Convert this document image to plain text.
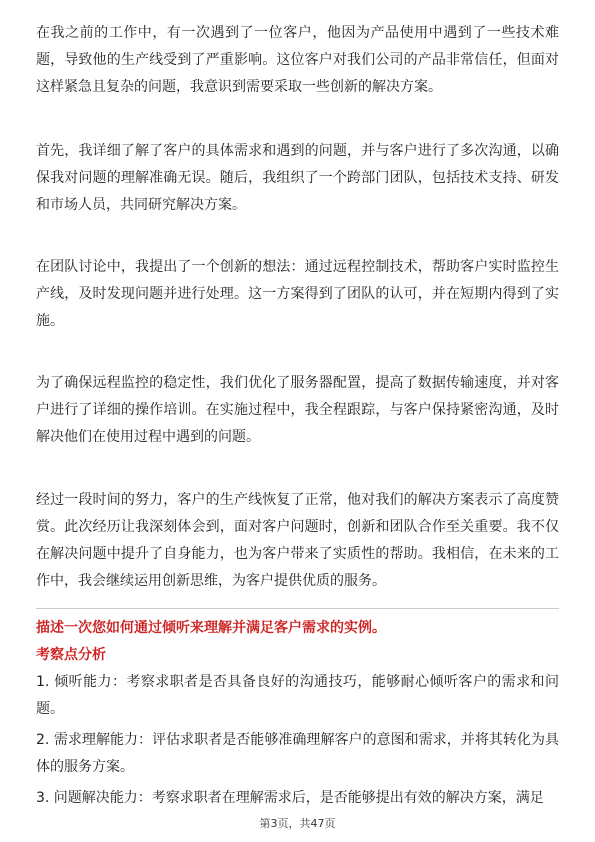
在我之前的工作中，有一次遇到了一位客户，他因为产品使用中遇到了一些技术难题，导致他的生产线受到了严重影响。这位客户对我们公司的产品非常信任，但面对这样紧急且复杂的问题，我意识到需要采取一些创新的解决方案。

首先，我详细了解了客户的具体需求和遇到的问题，并与客户进行了多次沟通，以确保我对问题的理解准确无误。随后，我组织了一个跨部门团队，包括技术支持、研发和市场人员，共同研究解决方案。

在团队讨论中，我提出了一个创新的想法：通过远程控制技术，帮助客户实时监控生产线，及时发现问题并进行处理。这一方案得到了团队的认可，并在短期内得到了实施。

为了确保远程监控的稳定性，我们优化了服务器配置，提高了数据传输速度，并对客户进行了详细的操作培训。在实施过程中，我全程跟踪，与客户保持紧密沟通，及时解决他们在使用过程中遇到的问题。

经过一段时间的努力，客户的生产线恢复了正常，他对我们的解决方案表示了高度赞赏。此次经历让我深刻体会到，面对客户问题时，创新和团队合作至关重要。我不仅在解决问题中提升了自身能力，也为客户带来了实质性的帮助。我相信，在未来的工作中，我会继续运用创新思维，为客户提供优质的服务。

描述一次您如何通过倾听来理解并满足客户需求的实例。

考察点分析

1. 倾听能力：考察求职者是否具备良好的沟通技巧，能够耐心倾听客户的需求和问题。
2. 需求理解能力：评估求职者是否能够准确理解客户的意图和需求，并将其转化为具体的服务方案。
3. 问题解决能力：考察求职者在理解需求后，是否能够提出有效的解决方案，满足
第3页，共47页
